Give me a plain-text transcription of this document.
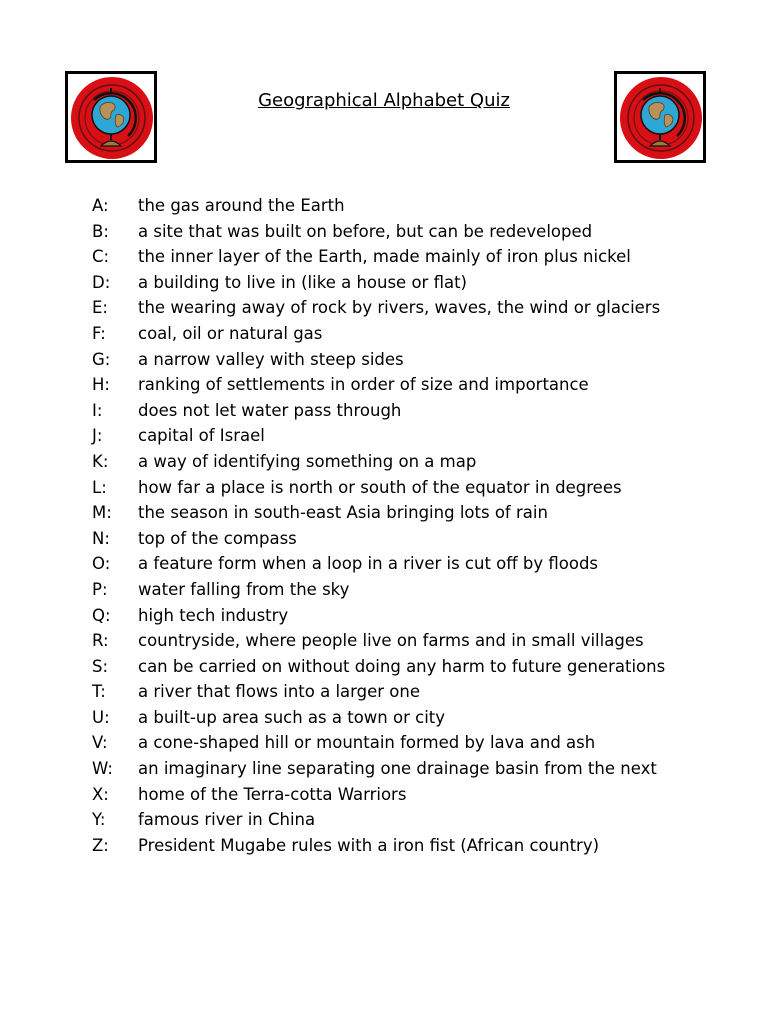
Geographical Alphabet Quiz
A:	the gas around the Earth
B:	a site that was built on before, but can be redeveloped
C:	the inner layer of the Earth, made mainly of iron plus nickel
D:	a building to live in (like a house or flat)
E:	the wearing away of rock by rivers, waves, the wind or glaciers
F:	coal, oil or natural gas
G:	a narrow valley with steep sides
H:	ranking of settlements in order of size and importance
I:	does not let water pass through
J:	capital of Israel
K:	a way of identifying something on a map
L:	how far a place is north or south of the equator in degrees
M:	the season in south-east Asia bringing lots of rain
N:	top of the compass
O:	a feature form when a loop in a river is cut off by floods
P:	water falling from the sky
Q:	high tech industry
R:	countryside, where people live on farms and in small villages
S:	can be carried on without doing any harm to future generations
T:	a river that flows into a larger one
U:	a built-up area such as a town or city
V:	a cone-shaped hill or mountain formed by lava and ash
W:	an imaginary line separating one drainage basin from the next
X:	home of the Terra-cotta Warriors
Y:	famous river in China
Z:	President Mugabe rules with a iron fist (African country)
